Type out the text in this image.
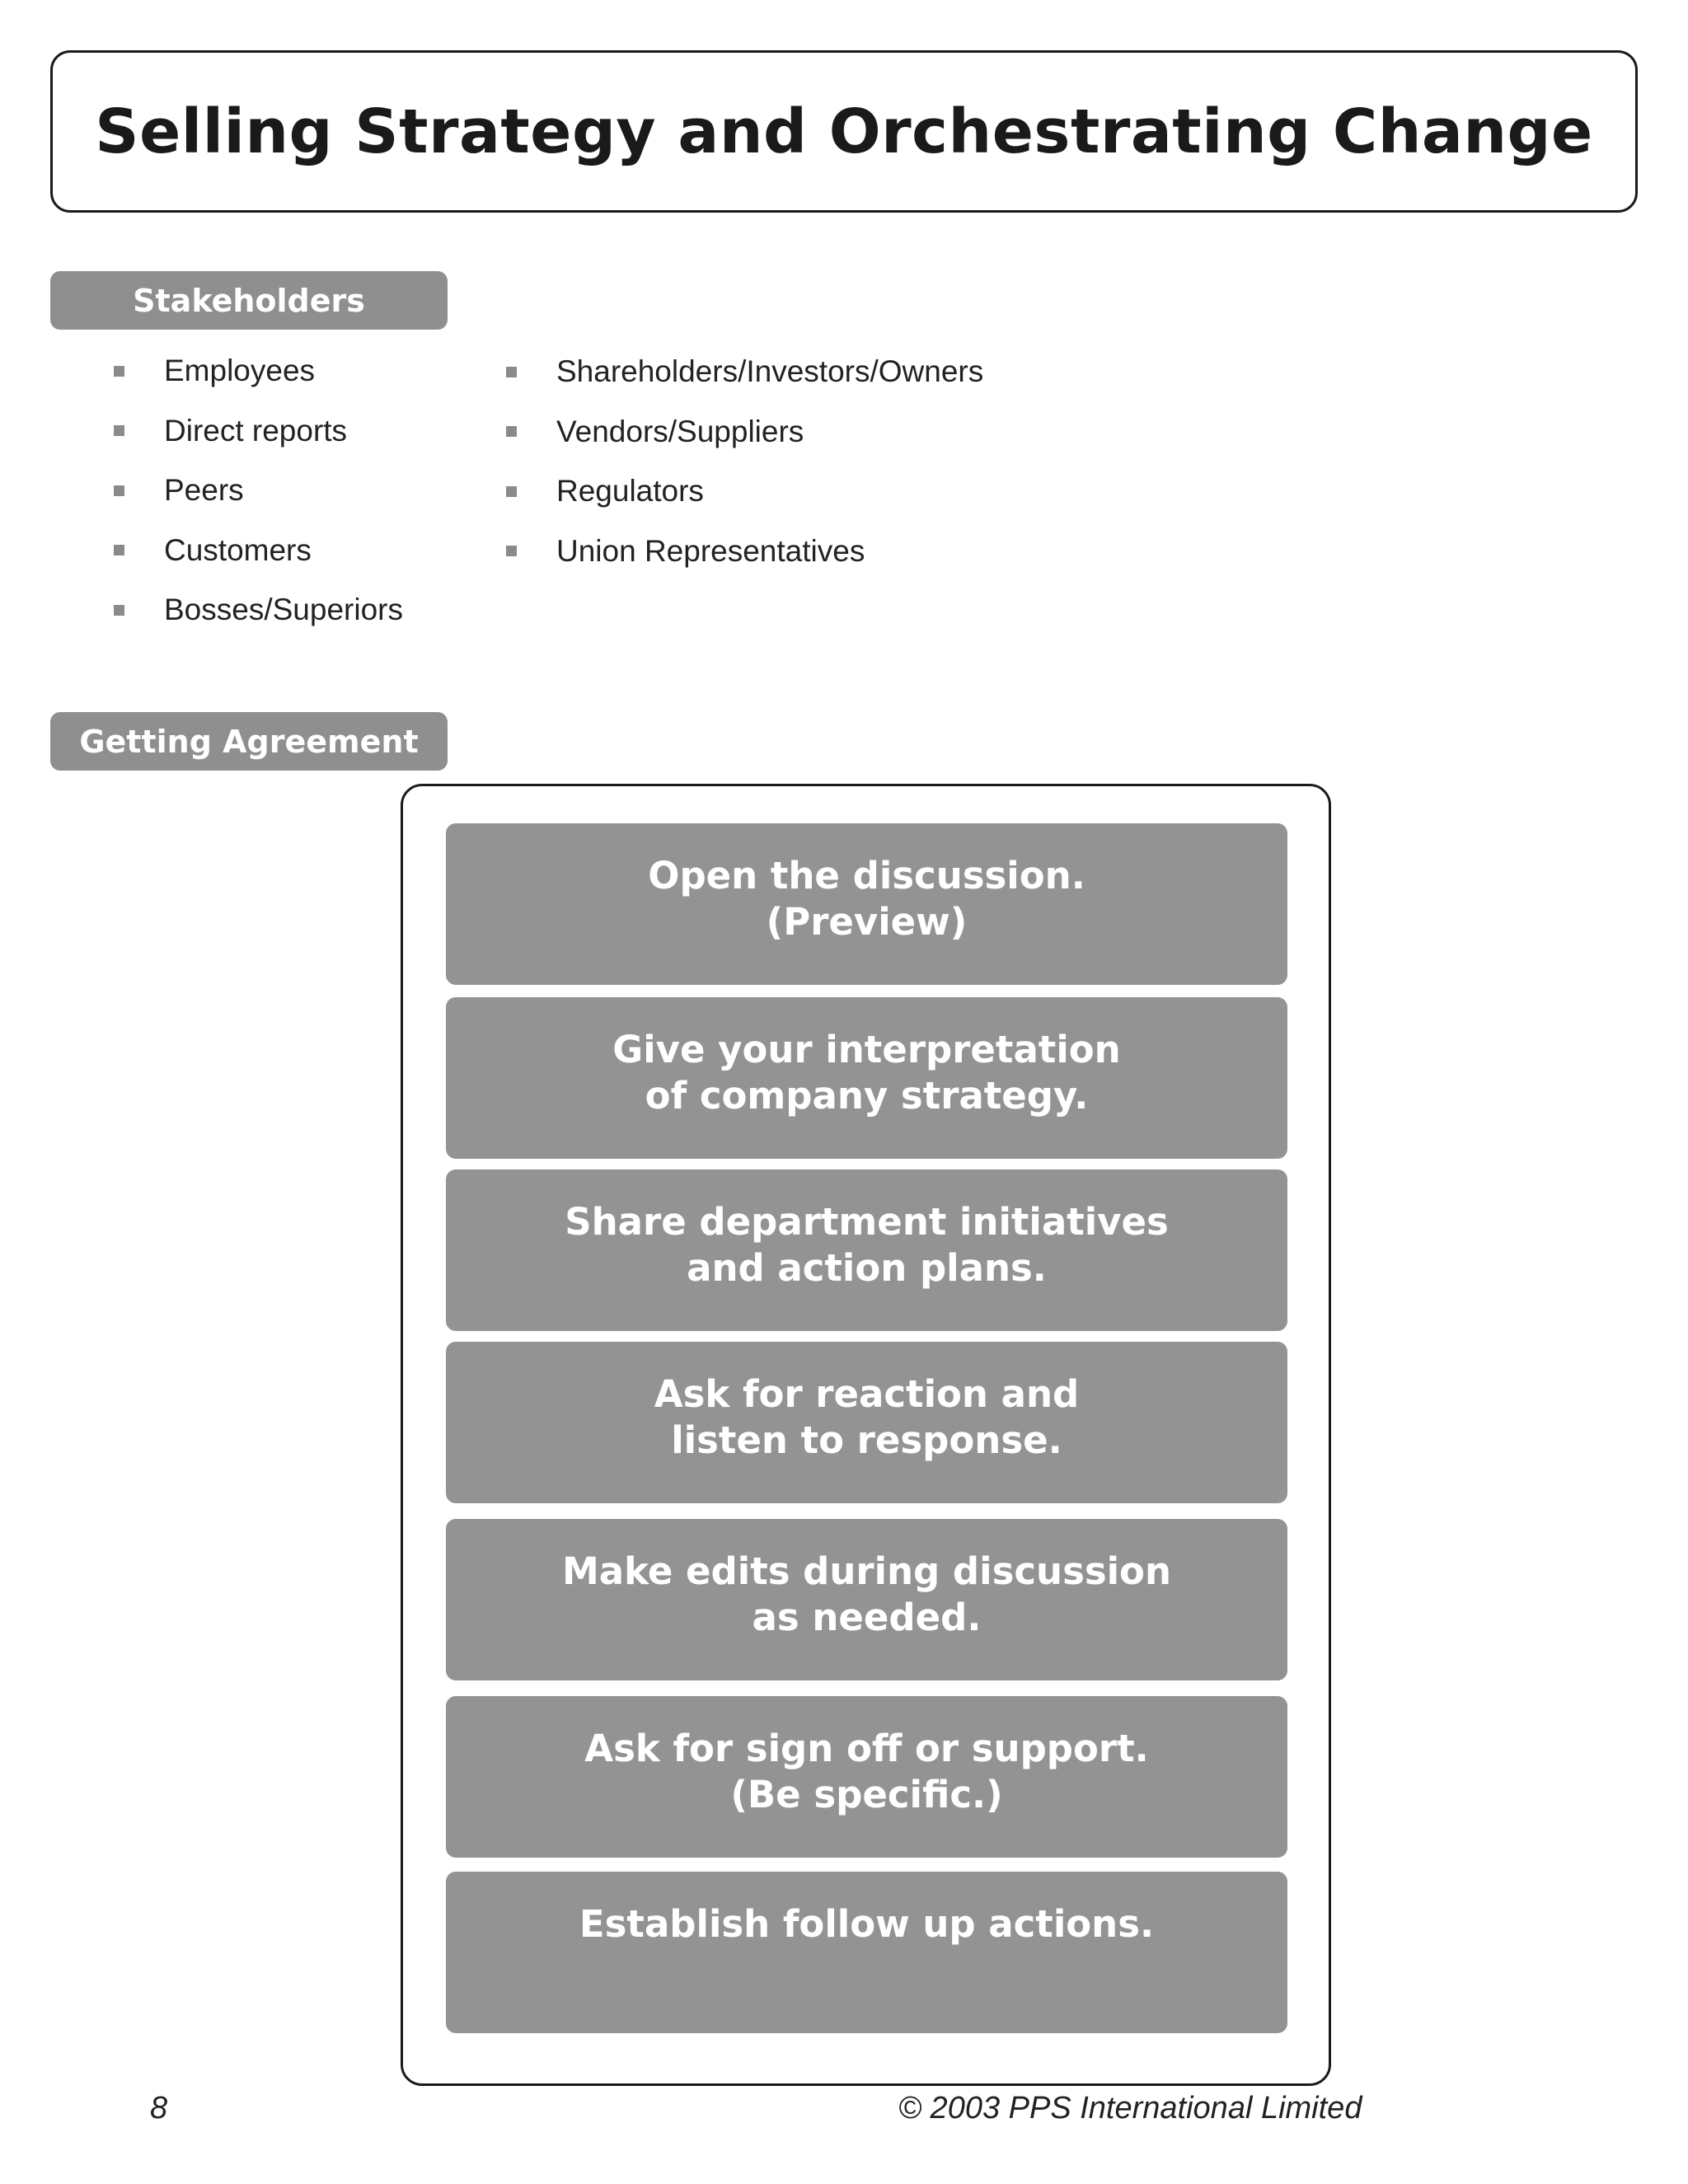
Selling Strategy and Orchestrating Change
Stakeholders
Employees
Direct reports
Peers
Customers
Bosses/Superiors
Shareholders/Investors/Owners
Vendors/Suppliers
Regulators
Union Representatives
Getting Agreement
Open the discussion.
(Preview)
Give your interpretation
of company strategy.
Share department initiatives
and action plans.
Ask for reaction and
listen to response.
Make edits during discussion
as needed.
Ask for sign off or support.
(Be specific.)
Establish follow up actions.
8	© 2003 PPS International Limited
